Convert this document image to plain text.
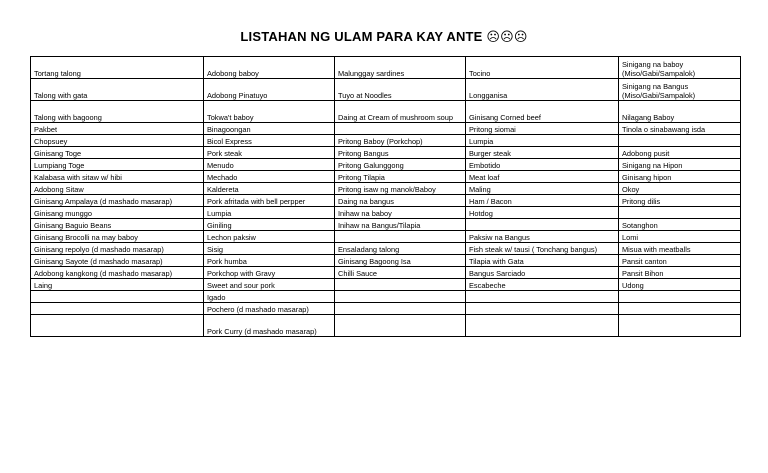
LISTAHAN NG ULAM PARA KAY ANTE ☹☹☹
Tortang talong	Adobong baboy	Malunggay sardines	Tocino	Sinigang na baboy (Miso/Gabi/Sampalok)
Talong with gata	Adobong Pinatuyo	Tuyo at Noodles	Longganisa	Sinigang na Bangus (Miso/Gabi/Sampalok)
Talong with bagoong	Tokwa't baboy	Daing at Cream of mushroom soup	Ginisang Corned beef	Nilagang Baboy
Pakbet	Binagoongan		Pritong siomai	Tinola o sinabawang isda
Chopsuey	Bicol Express	Pritong Baboy (Porkchop)	Lumpia	
Ginisang Toge	Pork steak	Pritong Bangus	Burger steak	Adobong pusit
Lumpiang Toge	Menudo	Pritong Galunggong	Embotido	Sinigang na Hipon
Kalabasa with sitaw w/ hibi	Mechado	Pritong Tilapia	Meat loaf	Ginisang hipon
Adobong Sitaw	Kaldereta	Pritong isaw ng manok/Baboy	Maling	Okoy
Ginisang Ampalaya (d mashado masarap)	Pork afritada with bell perpper	Daing na bangus	Ham / Bacon	Pritong dilis
Ginisang munggo	Lumpia	Inihaw na baboy	Hotdog	
Ginisang Baguio Beans	Giniling	Inihaw na Bangus/Tilapia		Sotanghon
Ginisang Brocolli na may baboy	Lechon paksiw		Paksiw na Bangus	Lomi
Ginisang repolyo (d mashado masarap)	Sisig	Ensaladang talong	Fish steak w/ tausi ( Tonchang bangus)	Misua with meatballs
Ginisang Sayote (d mashado masarap)	Pork humba	Ginisang Bagoong Isa	Tilapia with Gata	Pansit canton
Adobong kangkong (d mashado masarap)	Porkchop with Gravy	Chilli Sauce	Bangus Sarciado	Pansit Bihon
Laing	Sweet and sour pork		Escabeche	Udong
	Igado			
	Pochero (d mashado masarap)			
	Pork Curry (d mashado masarap)			
